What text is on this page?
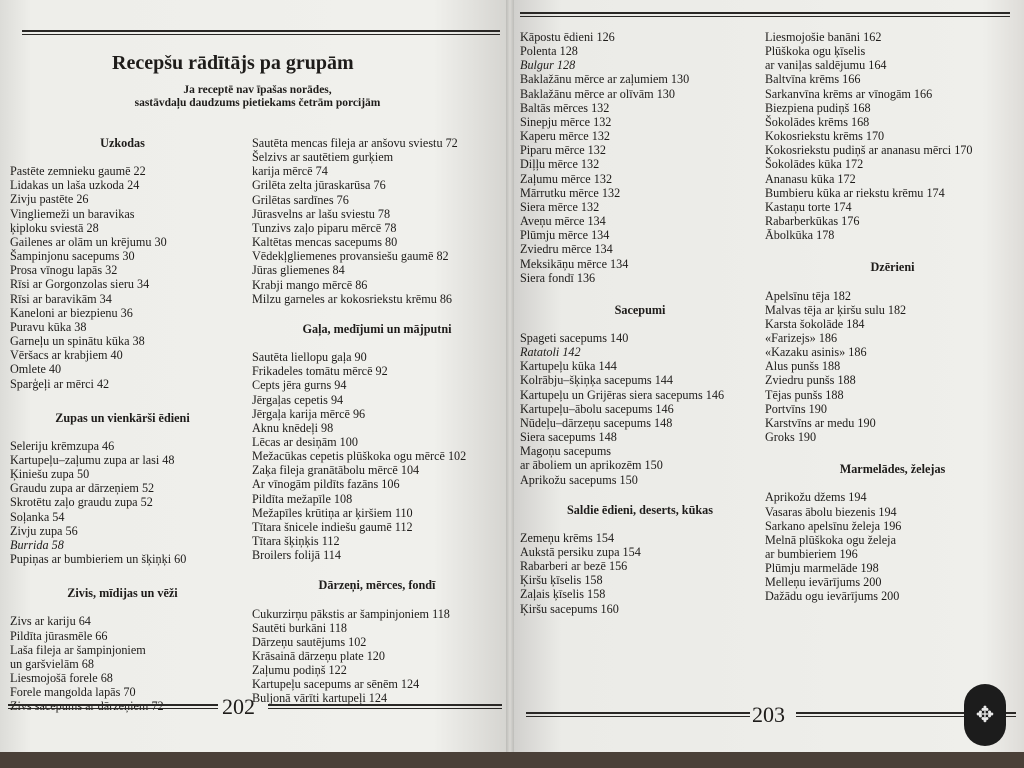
Recepšu rādītājs pa grupām
Ja receptē nav īpašas norādes,
sastāvdaļu daudzums pietiekams četrām porcijām
Uzkodas
Pastēte zemnieku gaumē 22
Lidakas un laša uzkoda 24
Zivju pastēte 26
Vingliemeži un baravikas
ķiploku sviestā 28
Gailenes ar olām un krējumu 30
Šampinjonu sacepums 30
Prosa vīnogu lapās 32
Rīsi ar Gorgonzolas sieru 34
Rīsi ar baravikām 34
Kaneloni ar biezpienu 36
Puravu kūka 38
Garneļu un spinātu kūka 38
Vēršacs ar krabjiem 40
Omlete 40
Sparģeļi ar mērci 42
Zupas un vienkārši ēdieni
Seleriju krēmzupa 46
Kartupeļu–zaļumu zupa ar lasi 48
Ķiniešu zupa 50
Graudu zupa ar dārzeņiem 52
Skrotētu zaļo graudu zupa 52
Soļanka 54
Zivju zupa 56
Burrida 58
Pupiņas ar bumbieriem un šķiņķi 60
Zivis, mīdijas un vēži
Zivs ar kariju 64
Pildīta jūrasmēle 66
Laša fileja ar šampinjoniem
un garšvielām 68
Liesmojošā forele 68
Forele mangolda lapās 70
Zivs sacepums ar dārzeņiem 72
Sautēta mencas fileja ar anšovu sviestu 72
Šelzivs ar sautētiem gurķiem
karija mērcē 74
Grilēta zelta jūraskarūsa 76
Grilētas sardīnes 76
Jūrasvelns ar lašu sviestu 78
Tunzivs zaļo piparu mērcē 78
Kaltētas mencas sacepums 80
Vēdekļgliemenes provansiešu gaumē 82
Jūras gliemenes 84
Krabji mango mērcē 86
Milzu garneles ar kokosriekstu krēmu 86
Gaļa, medījumi un mājputni
Sautēta liellopu gaļa 90
Frikadeles tomātu mērcē 92
Cepts jēra gurns 94
Jērgaļas cepetis 94
Jērgaļa karija mērcē 96
Aknu knēdeļi 98
Lēcas ar desiņām 100
Mežacūkas cepetis plūškoka ogu mērcē 102
Zaķa fileja granātābolu mērcē 104
Ar vīnogām pildīts fazāns 106
Pildīta mežapīle 108
Mežapīles krūtiņa ar ķiršiem 110
Tītara šnicele indiešu gaumē 112
Tītara šķiņķis 112
Broilers folijā 114
Dārzeņi, mērces, fondī
Cukurzirņu pākstis ar šampinjoniem 118
Sautēti burkāni 118
Dārzeņu sautējums 102
Krāsainā dārzeņu plate 120
Zaļumu podiņš 122
Kartupeļu sacepums ar sēnēm 124
Buljonā vārīti kartupeļi 124
202
Kāpostu ēdieni 126
Polenta 128
Bulgur 128
Baklažānu mērce ar zaļumiem 130
Baklažānu mērce ar olīvām 130
Baltās mērces 132
Sinepju mērce 132
Kaperu mērce 132
Piparu mērce 132
Diļļu mērce 132
Zaļumu mērce 132
Mārrutku mērce 132
Siera mērce 132
Aveņu mērce 134
Plūmju mērce 134
Zviedru mērce 134
Meksikāņu mērce 134
Siera fondī 136
Sacepumi
Spageti sacepums 140
Ratatoli 142
Kartupeļu kūka 144
Kolrābju–šķiņķa sacepums 144
Kartupeļu un Grijēras siera sacepums 146
Kartupeļu–ābolu sacepums 146
Nūdeļu–dārzeņu sacepums 148
Siera sacepums 148
Magoņu sacepums
ar āboliem un aprikozēm 150
Aprikožu sacepums 150
Saldie ēdieni, deserts, kūkas
Zemeņu krēms 154
Aukstā persiku zupa 154
Rabarberi ar bezē 156
Ķiršu ķīselis 158
Zaļais ķīselis 158
Ķiršu sacepums 160
Liesmojošie banāni 162
Plūškoka ogu ķīselis
ar vaniļas saldējumu 164
Baltvīna krēms 166
Sarkanvīna krēms ar vīnogām 166
Biezpiena pudiņš 168
Šokolādes krēms 168
Kokosriekstu krēms 170
Kokosriekstu pudiņš ar ananasu mērci 170
Šokolādes kūka 172
Ananasu kūka 172
Bumbieru kūka ar riekstu krēmu 174
Kastaņu torte 174
Rabarberkūkas 176
Ābolkūka 178
Dzērieni
Apelsīnu tēja 182
Malvas tēja ar ķiršu sulu 182
Karsta šokolāde 184
«Farizejs» 186
«Kazaku asinis» 186
Alus punšs 188
Zviedru punšs 188
Tējas punšs 188
Portvīns 190
Karstvīns ar medu 190
Groks 190
Marmelādes, želejas
Aprikožu džems 194
Vasaras ābolu biezenis 194
Sarkano apelsīnu želeja 196
Melnā plūškoka ogu želeja
ar bumbieriem 196
Plūmju marmelāde 198
Melleņu ievārījums 200
Dažādu ogu ievārījums 200
203	✥
